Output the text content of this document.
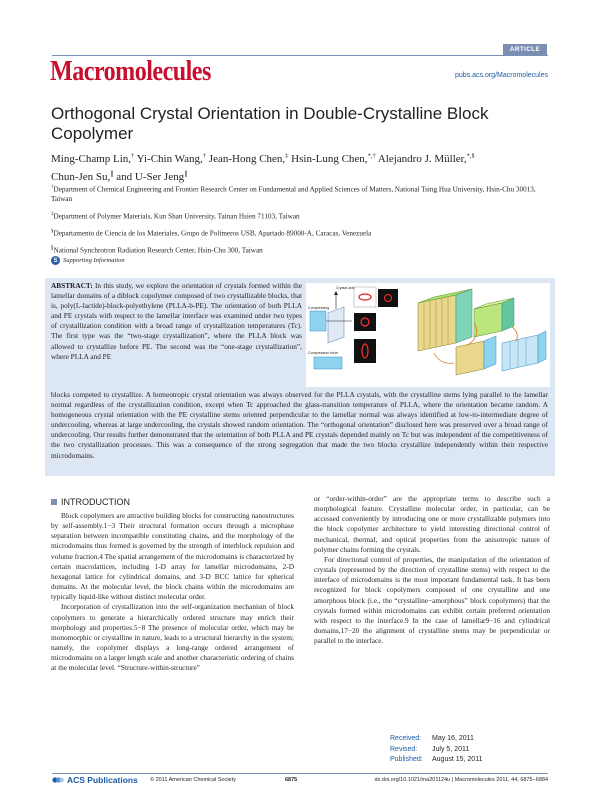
ARTICLE
Macromolecules	pubs.acs.org/Macromolecules
Orthogonal Crystal Orientation in Double-Crystalline Block Copolymer
Ming-Champ Lin,† Yi-Chin Wang,† Jean-Hong Chen,‡ Hsin-Lung Chen,*,† Alejandro J. Müller,*,§
Chun-Jen Su,∥ and U-Ser Jeng∥
†Department of Chemical Engineering and Frontier Research Center on Fundamental and Applied Sciences of Matters, National Tsing Hua University, Hsin-Chu 30013, Taiwan
‡Department of Polymer Materials, Kun Shan University, Tainan Hsien 71103, Taiwan
§Departamento de Ciencia de los Materiales, Grupo de Polímeros USB, Apartado 89000-A, Caracas, Venezuela
∥National Synchrotron Radiation Research Center, Hsin-Chu 300, Taiwan
S Supporting Information
ABSTRACT: In this study, we explore the orientation of crystals formed within the lamellar domains of a diblock copolymer composed of two crystallizable blocks, that is, poly(L-lactide)-block-polyethylene (PLLA-b-PE). The orientation of both PLLA and PE crystals with respect to the lamellar interface was examined under two types of crystallization condition with a broad range of crystallization temperatures (Tc). The first type was the “two-stage crystallization”, where the PLLA block was allowed to crystallize before PE. The second was the “one-stage crystallization”, where PLLA and PE
Crystal axis
Compressing
Compression force
blocks competed to crystallize. A homeotropic crystal orientation was always observed for the PLLA crystals, with the crystalline stems lying parallel to the lamellar normal regardless of the crystallization condition, except when Tc approached the glass-transition temperature of PLLA, where the orientation became random. A homogeneous crystal orientation with the PE crystalline stems oriented perpendicular to the lamellar normal was always identified at low-to-intermediate degree of undercooling, whereas at large undercooling, the crystals showed random orientation. The “orthogonal orientation” disclosed here was preserved over a broad range of undercooling. Our results further demonstrated that the orientation of both PLLA and PE crystals depended mainly on Tc but was independent of the competitiveness of the two crystallization processes. This was a consequence of the strong segregation that made the two blocks crystallize independently within their respective microdomains.
INTRODUCTION

Block copolymers are attractive building blocks for constructing nanostructures by self-assembly.1−3 Their structural formation occurs through a microphase separation between incompatible constituting chains, and the morphology of the microdomains thus formed is governed by the strength of interblock repulsion and volume fraction.4 The spatial arrangement of the microdomains is characterized by certain macrolattices, including 1-D array for lamellar microdomains, 2-D hexagonal lattice for cylindrical domains, and 3-D BCC lattice for spherical domains. At the molecular level, the block chains within the microdomains are typically liquid-like without distinct molecular order.

Incorporation of crystallization into the self-organization mechanism of block copolymers to generate a hierarchically ordered structure may enrich their morphology and properties.5−8 The presence of molecular order, which may be monomorphic or crystalline in nature, leads to a structural hierarchy in the system; namely, the copolymer displays a long-range ordered arrangement of microdomains on a larger length scale and another characteristic ordering of chains at the molecular level. “Structure-within-structure”

or “order-within-order” are the appropriate terms to describe such a morphological feature. Crystalline molecular order, in particular, can be accessed conveniently by introducing one or more crystallizable polymers into the block copolymer architecture to yield interesting directional control of mechanical, thermal, and optical properties from the anisotropic nature of polymer chains forming the crystals.

For directional control of properties, the manipulation of the orientation of crystals (represented by the direction of crystalline stems) with respect to the interface of microdomains is the most important fundamental task. It has been recognized for block copolymers composed of one crystalline and one amorphous block (i.e., the “crystalline−amorphous” block copolymers) that the crystals formed within microdomains can exhibit certain preferred orientation with respect to the interface.9 In the case of lamellar9−16 and cylindrical domains,17−20 the alignment of crystalline stems may be perpendicular or parallel to the interface.

Received:	May 16, 2011
Revised:	July 5, 2011
Published:	August 15, 2011
ACS Publications © 2011 American Chemical Society	6875	dx.doi.org/10.1021/ma201124u | Macromolecules 2011, 44, 6875−6884
